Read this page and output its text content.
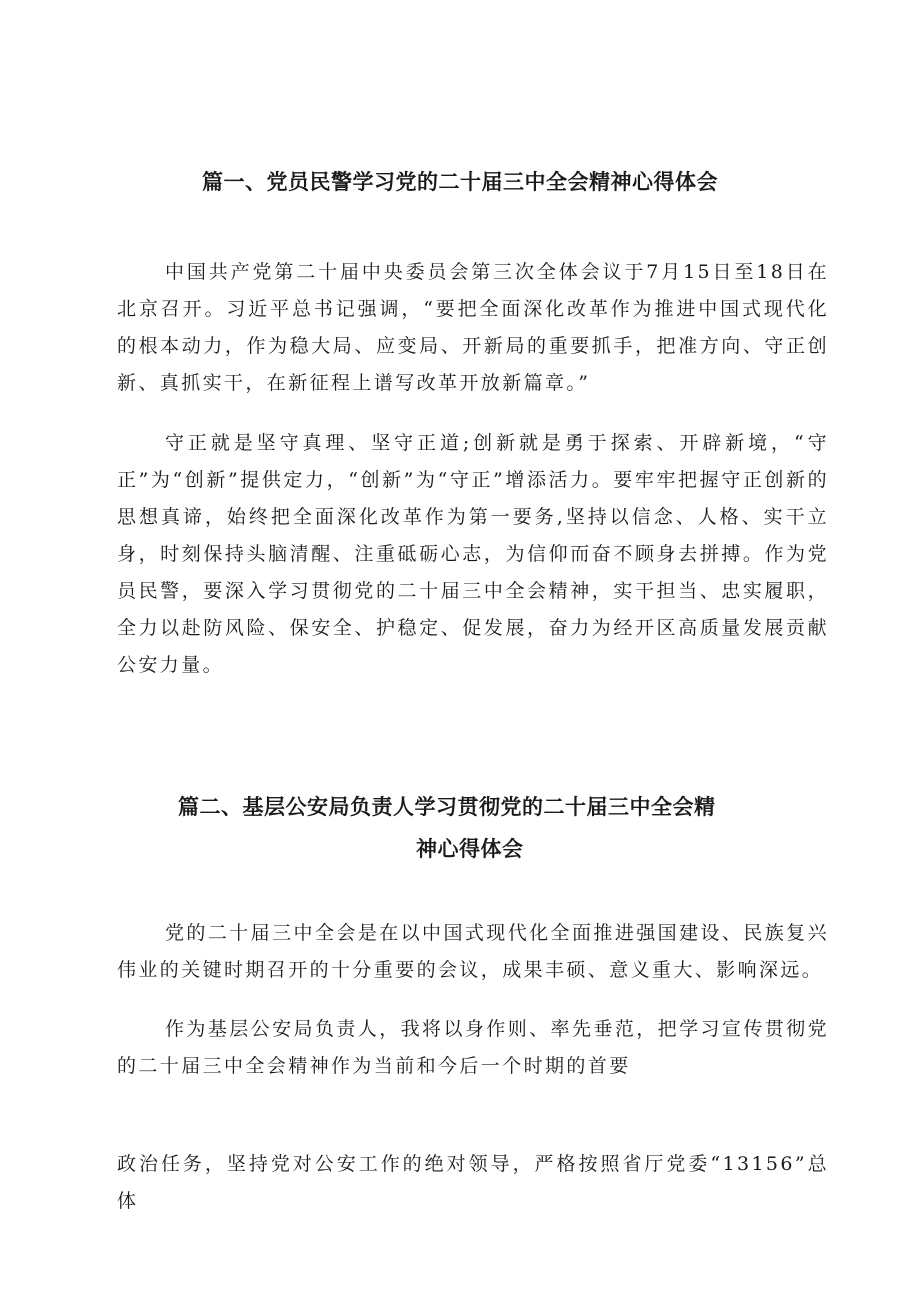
篇一、党员民警学习党的二十届三中全会精神心得体会

中国共产党第二十届中央委员会第三次全体会议于7月15日至18日在北京召开。习近平总书记强调，“要把全面深化改革作为推进中国式现代化的根本动力，作为稳大局、应变局、开新局的重要抓手，把准方向、守正创新、真抓实干，在新征程上谱写改革开放新篇章。”

守正就是坚守真理、坚守正道;创新就是勇于探索、开辟新境，“守正”为“创新”提供定力，“创新”为“守正”增添活力。要牢牢把握守正创新的思想真谛，始终把全面深化改革作为第一要务,坚持以信念、人格、实干立身，时刻保持头脑清醒、注重砥砺心志，为信仰而奋不顾身去拼搏。作为党员民警，要深入学习贯彻党的二十届三中全会精神，实干担当、忠实履职，全力以赴防风险、保安全、护稳定、促发展，奋力为经开区高质量发展贡献公安力量。

篇二、基层公安局负责人学习贯彻党的二十届三中全会精
神心得体会

党的二十届三中全会是在以中国式现代化全面推进强国建设、民族复兴伟业的关键时期召开的十分重要的会议，成果丰硕、意义重大、影响深远。

作为基层公安局负责人，我将以身作则、率先垂范，把学习宣传贯彻党的二十届三中全会精神作为当前和今后一个时期的首要

政治任务，坚持党对公安工作的绝对领导，严格按照省厅党委“13156”总体
